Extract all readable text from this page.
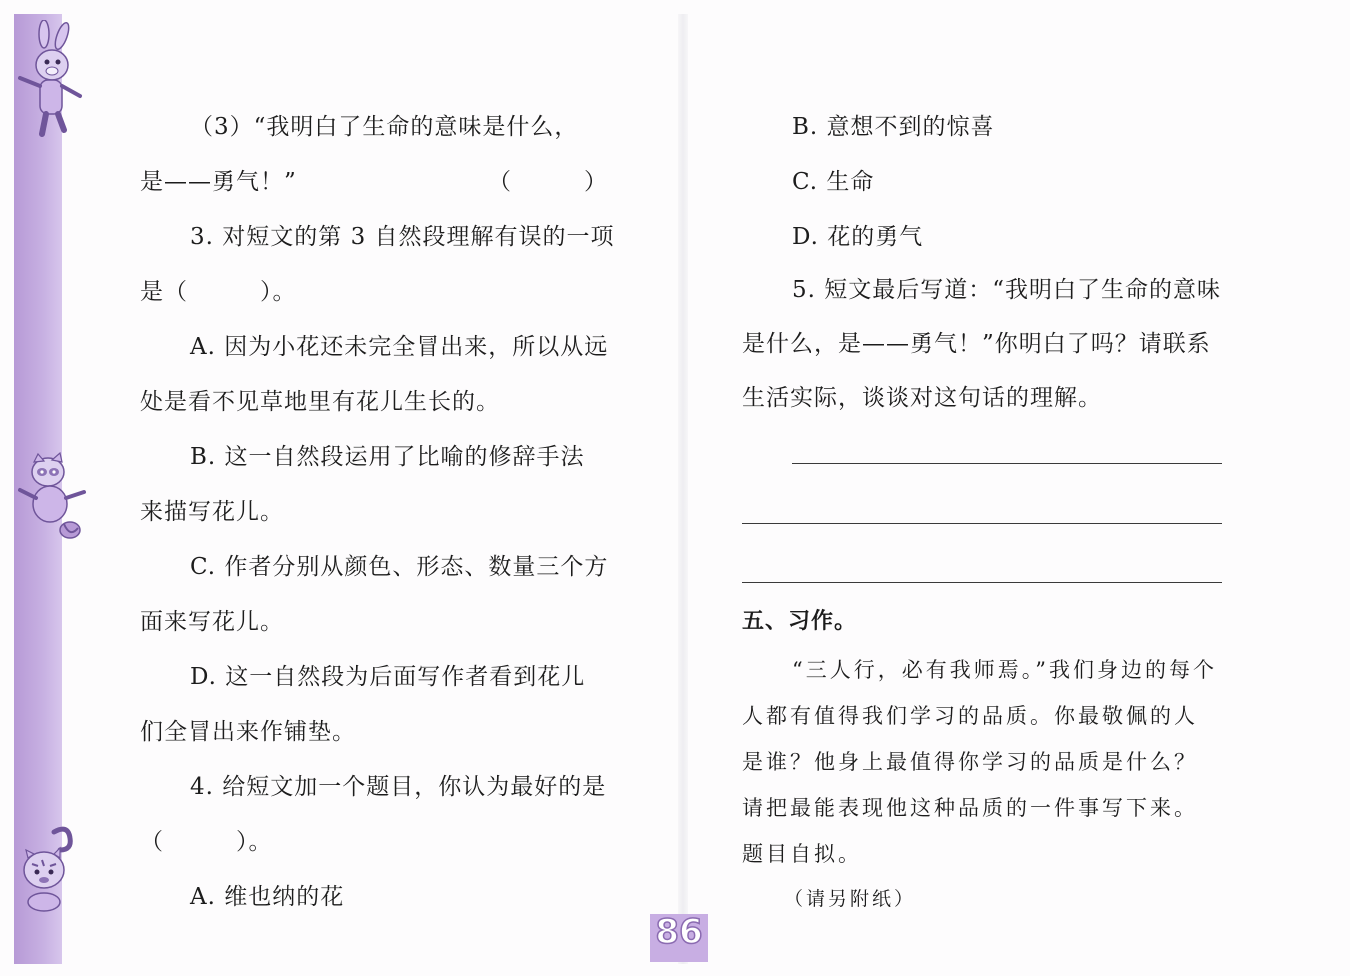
（3）“我明白了生命的意味是什么，
是——勇气！”	（　　　）
3. 对短文的第 3 自然段理解有误的一项
是（　　　）。
A. 因为小花还未完全冒出来，所以从远
处是看不见草地里有花儿生长的。
B. 这一自然段运用了比喻的修辞手法
来描写花儿。
C. 作者分别从颜色、形态、数量三个方
面来写花儿。
D. 这一自然段为后面写作者看到花儿
们全冒出来作铺垫。
4. 给短文加一个题目，你认为最好的是
（　　　）。
A. 维也纳的花
B. 意想不到的惊喜
C. 生命
D. 花的勇气
5. 短文最后写道：“我明白了生命的意味
是什么，是——勇气！”你明白了吗？请联系
生活实际，谈谈对这句话的理解。
五、习作。
“三人行，必有我师焉。”我们身边的每个
人都有值得我们学习的品质。你最敬佩的人
是谁？他身上最值得你学习的品质是什么？
请把最能表现他这种品质的一件事写下来。
题目自拟。
（请另附纸）
86
